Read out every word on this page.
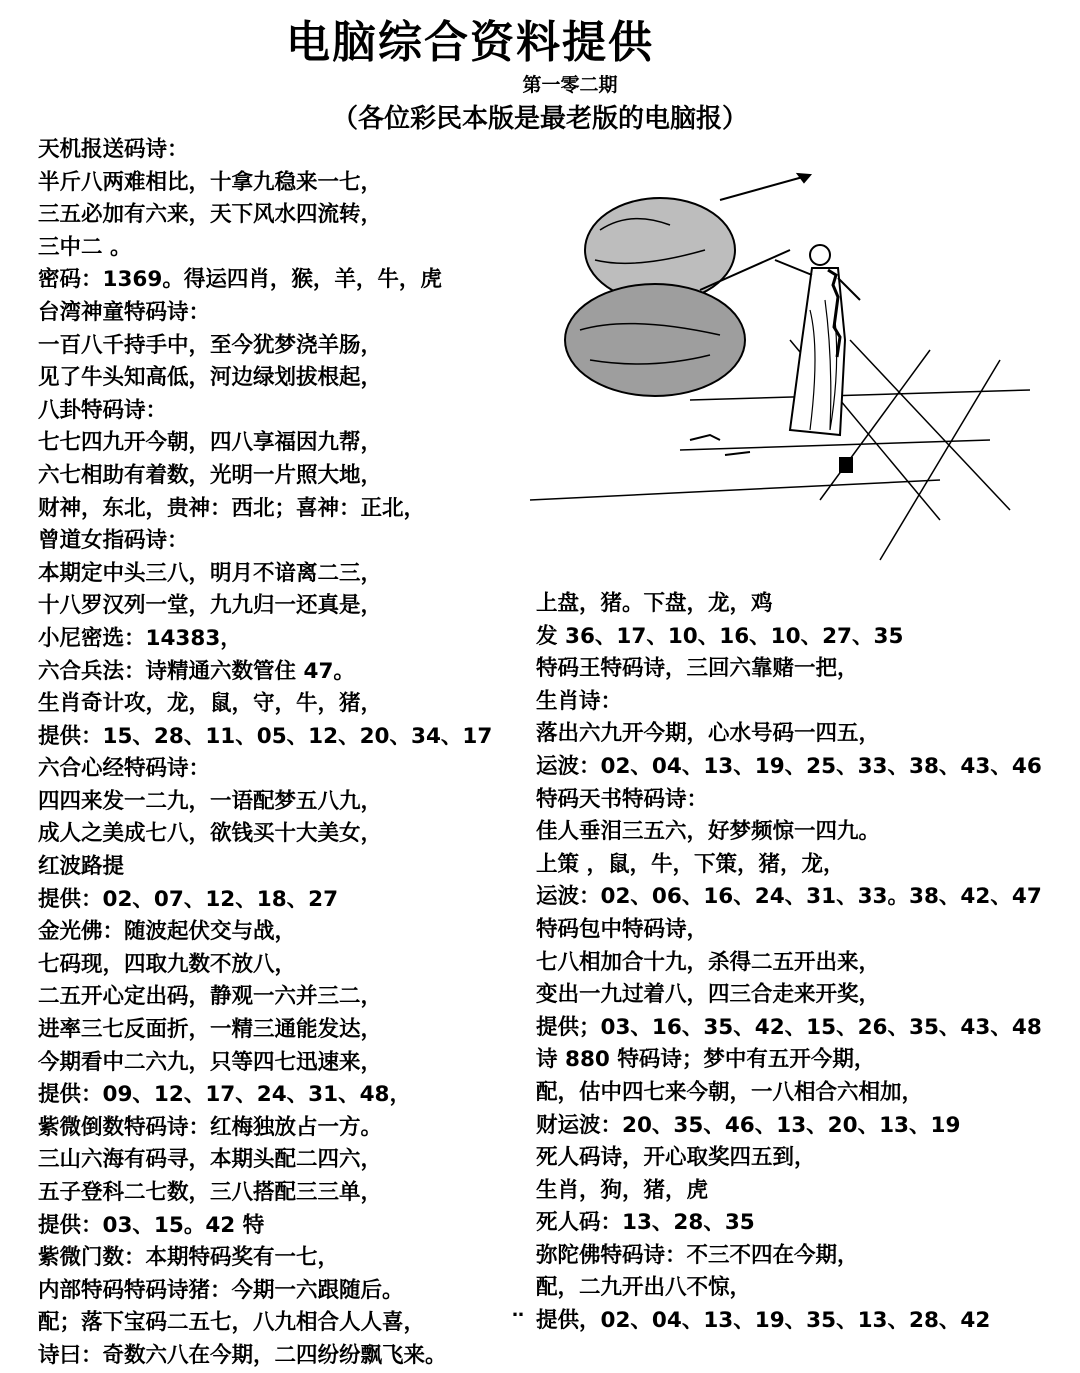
电脑综合资料提供
第一零二期
（各位彩民本版是最老版的电脑报）
天机报送码诗：
半斤八两难相比，十拿九稳来一七，
三五必加有六来，天下风水四流转，
三中二 。
密码：1369。得运四肖，猴，羊，牛，虎
台湾神童特码诗：
一百八千持手中，至今犹梦浇羊肠，
见了牛头知高低，河边绿划拔根起，
八卦特码诗：
七七四九开今朝，四八享福因九帮，
六七相助有着数，光明一片照大地，
财神，东北，贵神：西北；喜神：正北，
曾道女指码诗：
本期定中头三八，明月不谙离二三，
十八罗汉列一堂，九九归一还真是，
小尼密选：14383，
六合兵法：诗精通六数管住 47。
生肖奇计攻，龙，鼠，守，牛，猪，
提供：15、28、11、05、12、20、34、17
六合心经特码诗：
四四来发一二九，一语配梦五八九，
成人之美成七八，欲钱买十大美女，
红波路提
提供：02、07、12、18、27
金光佛：随波起伏交与战，
七码现，四取九数不放八，
二五开心定出码，静观一六并三二，
进率三七反面折，一精三通能发达，
今期看中二六九，只等四七迅速来，
提供：09、12、17、24、31、48，
紫微倒数特码诗：红梅独放占一方。
三山六海有码寻，本期头配二四六，
五子登科二七数，三八搭配三三单，
提供：03、15。42 特
紫微门数：本期特码奖有一七，
内部特码特码诗猪：今期一六跟随后。
配；落下宝码二五七，八九相合人人喜，
诗曰：奇数六八在今期，二四纷纷飘飞来。
上盘，猪。下盘，龙，鸡
发 36、17、10、16、10、27、35
特码王特码诗，三回六靠赌一把，
生肖诗：
落出六九开今期，心水号码一四五，
运波：02、04、13、19、25、33、38、43、46
特码天书特码诗：
佳人垂泪三五六，好梦频惊一四九。
上策 ，鼠，牛，下策，猪，龙，
运波：02、06、16、24、31、33。38、42、47
特码包中特码诗，
七八相加合十九，杀得二五开出来，
变出一九过着八，四三合走来开奖，
提供；03、16、35、42、15、26、35、43、48
诗 880 特码诗；梦中有五开今期，
配，估中四七来今朝，一八相合六相加，
财运波：20、35、46、13、20、13、19
死人码诗，开心取奖四五到，
生肖，狗，猪，虎
死人码：13、28、35
弥陀佛特码诗：不三不四在今期，
配，二九开出八不惊，
提供，02、04、13、19、35、13、28、42
‥
